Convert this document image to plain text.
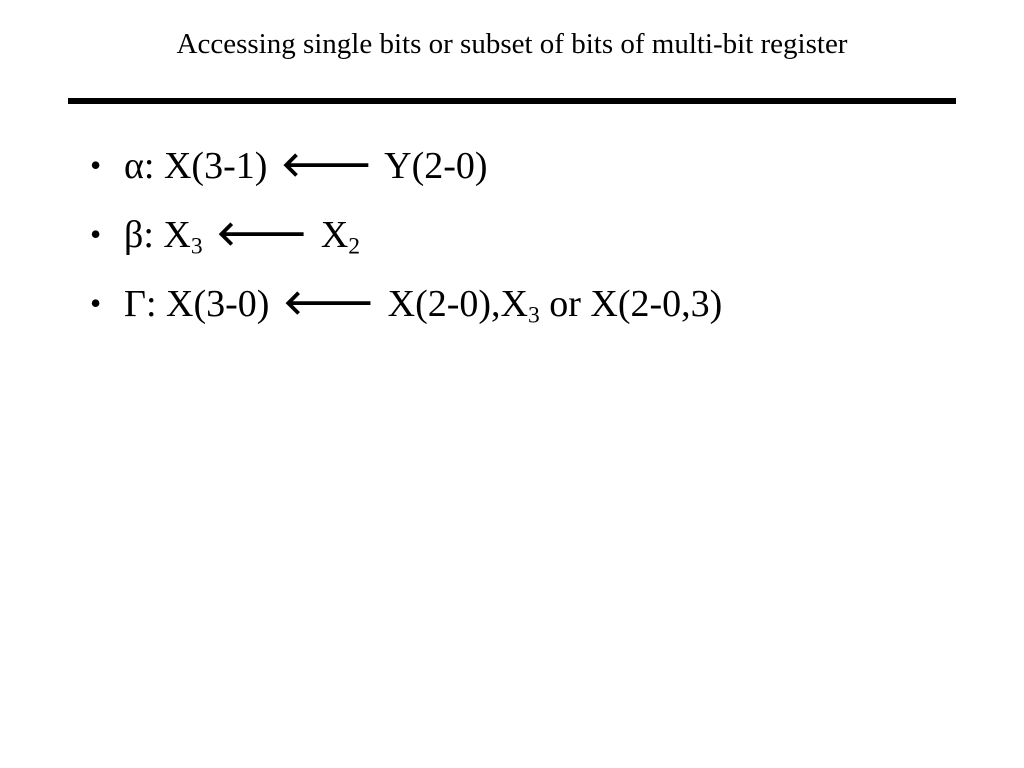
Accessing single bits or subset of bits of multi-bit register
• α: X(3-1) 🡐 Y(2-0)
• β: $X_3$ 🡐 $X_2$
• Γ: X(3-0) 🡐 $X(2-0),X_3$ or X(2-0,3)
